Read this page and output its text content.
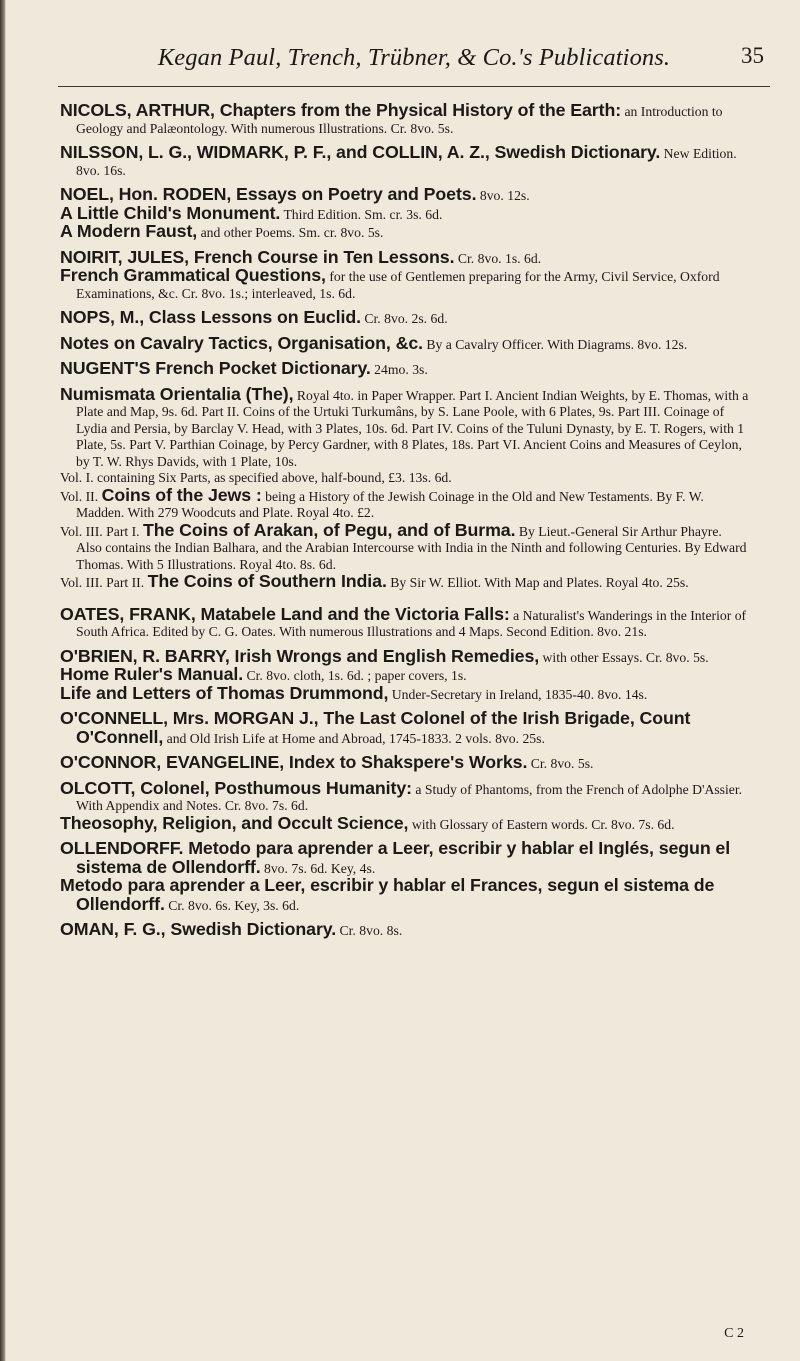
Kegan Paul, Trench, Trübner, & Co.'s Publications.	35

NICOLS, ARTHUR, Chapters from the Physical History of the Earth: an Introduction to Geology and Palæontology. With numerous Illustrations. Cr. 8vo. 5s.

NILSSON, L. G., WIDMARK, P. F., and COLLIN, A. Z., Swedish Dictionary. New Edition. 8vo. 16s.

NOEL, Hon. RODEN, Essays on Poetry and Poets. 8vo. 12s.

A Little Child's Monument. Third Edition. Sm. cr. 3s. 6d.

A Modern Faust, and other Poems. Sm. cr. 8vo. 5s.

NOIRIT, JULES, French Course in Ten Lessons. Cr. 8vo. 1s. 6d.

French Grammatical Questions, for the use of Gentlemen preparing for the Army, Civil Service, Oxford Examinations, &c. Cr. 8vo. 1s.; interleaved, 1s. 6d.

NOPS, M., Class Lessons on Euclid. Cr. 8vo. 2s. 6d.

Notes on Cavalry Tactics, Organisation, &c. By a Cavalry Officer. With Diagrams. 8vo. 12s.

NUGENT'S French Pocket Dictionary. 24mo. 3s.

Numismata Orientalia (The), Royal 4to. in Paper Wrapper. Part I. Ancient Indian Weights, by E. Thomas, with a Plate and Map, 9s. 6d. Part II. Coins of the Urtuki Turkumâns, by S. Lane Poole, with 6 Plates, 9s. Part III. Coinage of Lydia and Persia, by Barclay V. Head, with 3 Plates, 10s. 6d. Part IV. Coins of the Tuluni Dynasty, by E. T. Rogers, with 1 Plate, 5s. Part V. Parthian Coinage, by Percy Gardner, with 8 Plates, 18s. Part VI. Ancient Coins and Measures of Ceylon, by T. W. Rhys Davids, with 1 Plate, 10s.

Vol. I. containing Six Parts, as specified above, half-bound, £3. 13s. 6d.

Vol. II. Coins of the Jews : being a History of the Jewish Coinage in the Old and New Testaments. By F. W. Madden. With 279 Woodcuts and Plate. Royal 4to. £2.

Vol. III. Part I. The Coins of Arakan, of Pegu, and of Burma. By Lieut.-General Sir Arthur Phayre. Also contains the Indian Balhara, and the Arabian Intercourse with India in the Ninth and following Centuries. By Edward Thomas. With 5 Illustrations. Royal 4to. 8s. 6d.

Vol. III. Part II. The Coins of Southern India. By Sir W. Elliot. With Map and Plates. Royal 4to. 25s.

OATES, FRANK, Matabele Land and the Victoria Falls: a Naturalist's Wanderings in the Interior of South Africa. Edited by C. G. Oates. With numerous Illustrations and 4 Maps. Second Edition. 8vo. 21s.

O'BRIEN, R. BARRY, Irish Wrongs and English Remedies, with other Essays. Cr. 8vo. 5s.

Home Ruler's Manual. Cr. 8vo. cloth, 1s. 6d. ; paper covers, 1s.

Life and Letters of Thomas Drummond, Under-Secretary in Ireland, 1835-40. 8vo. 14s.

O'CONNELL, Mrs. MORGAN J., The Last Colonel of the Irish Brigade, Count O'Connell, and Old Irish Life at Home and Abroad, 1745-1833. 2 vols. 8vo. 25s.

O'CONNOR, EVANGELINE, Index to Shakspere's Works. Cr. 8vo. 5s.

OLCOTT, Colonel, Posthumous Humanity: a Study of Phantoms, from the French of Adolphe D'Assier. With Appendix and Notes. Cr. 8vo. 7s. 6d.

Theosophy, Religion, and Occult Science, with Glossary of Eastern words. Cr. 8vo. 7s. 6d.

OLLENDORFF. Metodo para aprender a Leer, escribir y hablar el Inglés, segun el sistema de Ollendorff. 8vo. 7s. 6d. Key, 4s.

Metodo para aprender a Leer, escribir y hablar el Frances, segun el sistema de Ollendorff. Cr. 8vo. 6s. Key, 3s. 6d.

OMAN, F. G., Swedish Dictionary. Cr. 8vo. 8s.

C 2
